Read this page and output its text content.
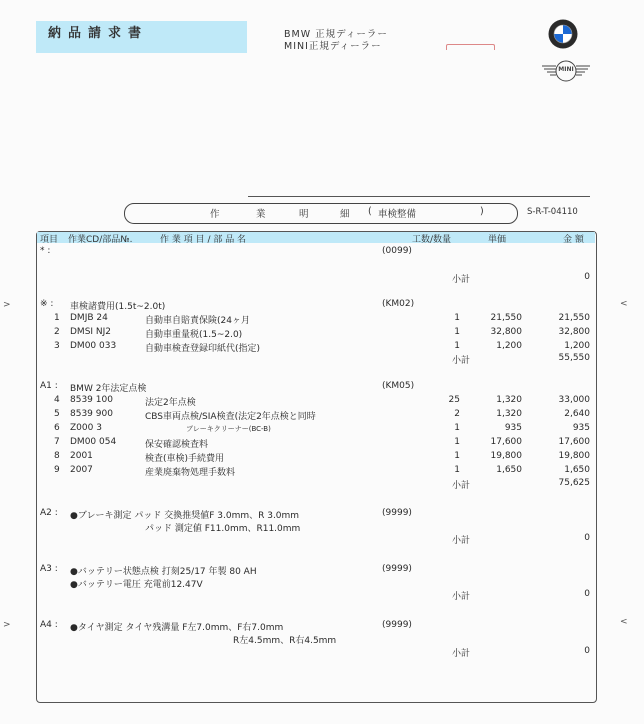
納品請求書	BMW 正規ディーラー
MINI正規ディーラー
MINI
作	業	明	細 ( 車検整備	)	S-R-T-04110
項目 作業CD/部品№.	作 業 項 目 / 部 品 名	工数/数量	単価	金 額
* :	(0099)
小計	0
※ : 車検諸費用(1.5t~2.0t)	(KM02)
1 DMJB 24	自動車自賠責保険(24ヶ月	1	21,550	21,550
2 DMSI NJ2	自動車重量税(1.5~2.0)	1	32,800	32,800
3 DM00 033	自動車検査登録印紙代(指定)	1	1,200	1,200
小計	55,550
A1 : BMW 2年法定点検	(KM05)
4 8539 100	法定2年点検	25	1,320	33,000
5 8539 900	CBS車両点検/SIA検査(法定2年点検と同時	2	1,320	2,640
6 Z000 3	ブレーキクリーナー(BC-B)	1	935	935
7 DM00 054	保安確認検査料	1	17,600	17,600
8 2001	検査(車検)手続費用	1	19,800	19,800
9 2007	産業廃棄物処理手数料	1	1,650	1,650
小計	75,625
A2 : ●ブレーキ測定 パッド 交換推奨値F 3.0mm、R 3.0mm	(9999)
パッド 測定値 F11.0mm、R11.0mm
小計	0
A3 : ●バッテリー状態点検 打刻25/17 年製 80 AH	(9999)
●バッテリー電圧 充電前12.47V
小計	0
A4 : ●タイヤ測定 タイヤ残溝量 F左7.0mm、F右7.0mm	(9999)
R左4.5mm、R右4.5mm
小計	0
>	<
>	<
